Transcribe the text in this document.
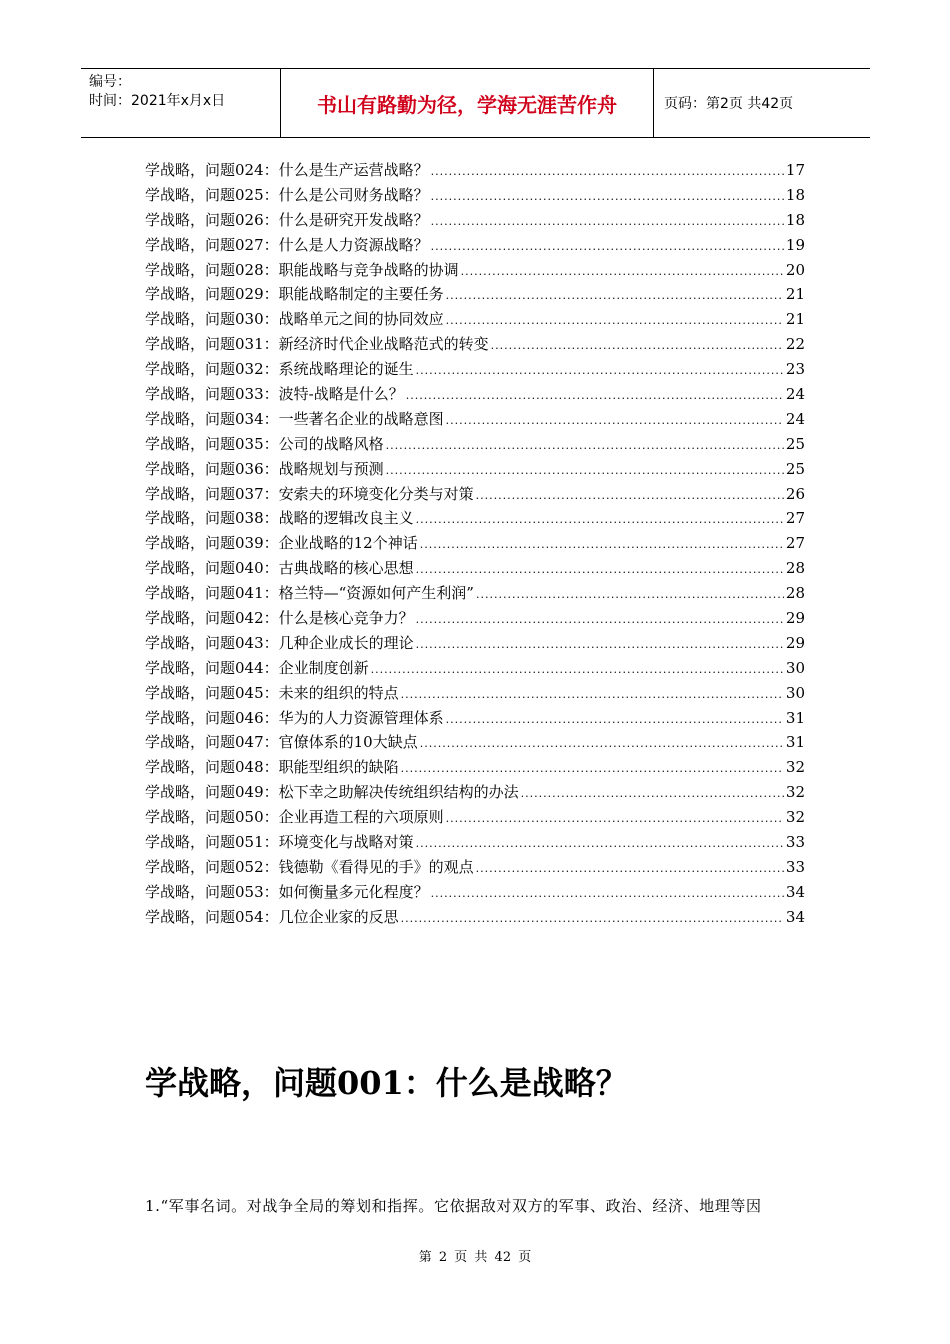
编号：
时间：2021年x月x日	书山有路勤为径，学海无涯苦作舟	页码：第2页 共42页
学战略，问题024：什么是生产运营战略？ .....	17
学战略，问题025：什么是公司财务战略？ .....	18
学战略，问题026：什么是研究开发战略？ .....	18
学战略，问题027：什么是人力资源战略？ .....	19
学战略，问题028：职能战略与竞争战略的协调 .....	20
学战略，问题029：职能战略制定的主要任务 .....	21
学战略，问题030：战略单元之间的协同效应 .....	21
学战略，问题031：新经济时代企业战略范式的转变 .....	22
学战略，问题032：系统战略理论的诞生 .....	23
学战略，问题033：波特-战略是什么？ .....	24
学战略，问题034：一些著名企业的战略意图 .....	24
学战略，问题035：公司的战略风格 .....	25
学战略，问题036：战略规划与预测 .....	25
学战略，问题037：安索夫的环境变化分类与对策 .....	26
学战略，问题038：战略的逻辑改良主义 .....	27
学战略，问题039：企业战略的12个神话 .....	27
学战略，问题040：古典战略的核心思想 .....	28
学战略，问题041：格兰特—“资源如何产生利润” .....	28
学战略，问题042：什么是核心竞争力？ .....	29
学战略，问题043：几种企业成长的理论 .....	29
学战略，问题044：企业制度创新 .....	30
学战略，问题045：未来的组织的特点 .....	30
学战略，问题046：华为的人力资源管理体系 .....	31
学战略，问题047：官僚体系的10大缺点 .....	31
学战略，问题048：职能型组织的缺陷 .....	32
学战略，问题049：松下幸之助解决传统组织结构的办法 .....	32
学战略，问题050：企业再造工程的六项原则 .....	32
学战略，问题051：环境变化与战略对策 .....	33
学战略，问题052：钱德勒《看得见的手》的观点 .....	33
学战略，问题053：如何衡量多元化程度？ .....	34
学战略，问题054：几位企业家的反思 .....	34
学战略，问题001：什么是战略？
1.“军事名词。对战争全局的筹划和指挥。它依据敌对双方的军事、政治、经济、地理等因
第 2 页 共 42 页
